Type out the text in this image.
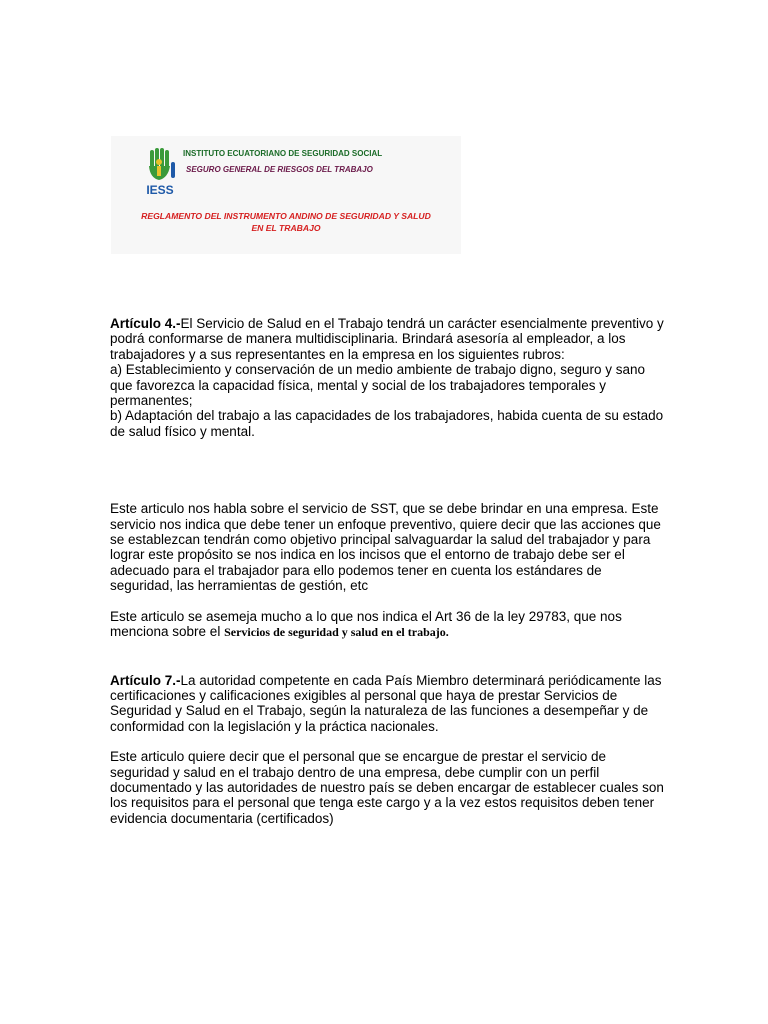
IESS
INSTITUTO ECUATORIANO DE SEGURIDAD SOCIAL
SEGURO GENERAL DE RIESGOS DEL TRABAJO
REGLAMENTO DEL INSTRUMENTO ANDINO DE SEGURIDAD Y SALUD
EN EL TRABAJO

Artículo 4.-El Servicio de Salud en el Trabajo tendrá un carácter esencialmente preventivo y podrá conformarse de manera multidisciplinaria. Brindará asesoría al empleador, a los trabajadores y a sus representantes en la empresa en los siguientes rubros:

a) Establecimiento y conservación de un medio ambiente de trabajo digno, seguro y sano que favorezca la capacidad física, mental y social de los trabajadores temporales y permanentes;

b) Adaptación del trabajo a las capacidades de los trabajadores, habida cuenta de su estado de salud físico y mental.

Este articulo nos habla sobre el servicio de SST, que se debe brindar en una empresa. Este servicio nos indica que debe tener un enfoque preventivo, quiere decir que las acciones que se establezcan tendrán como objetivo principal salvaguardar la salud del trabajador y para lograr este propósito se nos indica en los incisos que el entorno de trabajo debe ser el adecuado para el trabajador para ello podemos tener en cuenta los estándares de seguridad, las herramientas de gestión, etc

Este articulo se asemeja mucho a lo que nos indica el Art 36 de la ley 29783, que nos menciona sobre el Servicios de seguridad y salud en el trabajo.

Artículo 7.-La autoridad competente en cada País Miembro determinará periódicamente las certificaciones y calificaciones exigibles al personal que haya de prestar Servicios de Seguridad y Salud en el Trabajo, según la naturaleza de las funciones a desempeñar y de conformidad con la legislación y la práctica nacionales.

Este articulo quiere decir que el personal que se encargue de prestar el servicio de seguridad y salud en el trabajo dentro de una empresa, debe cumplir con un perfil documentado y las autoridades de nuestro país se deben encargar de establecer cuales son los requisitos para el personal que tenga este cargo y a la vez estos requisitos deben tener evidencia documentaria (certificados)
